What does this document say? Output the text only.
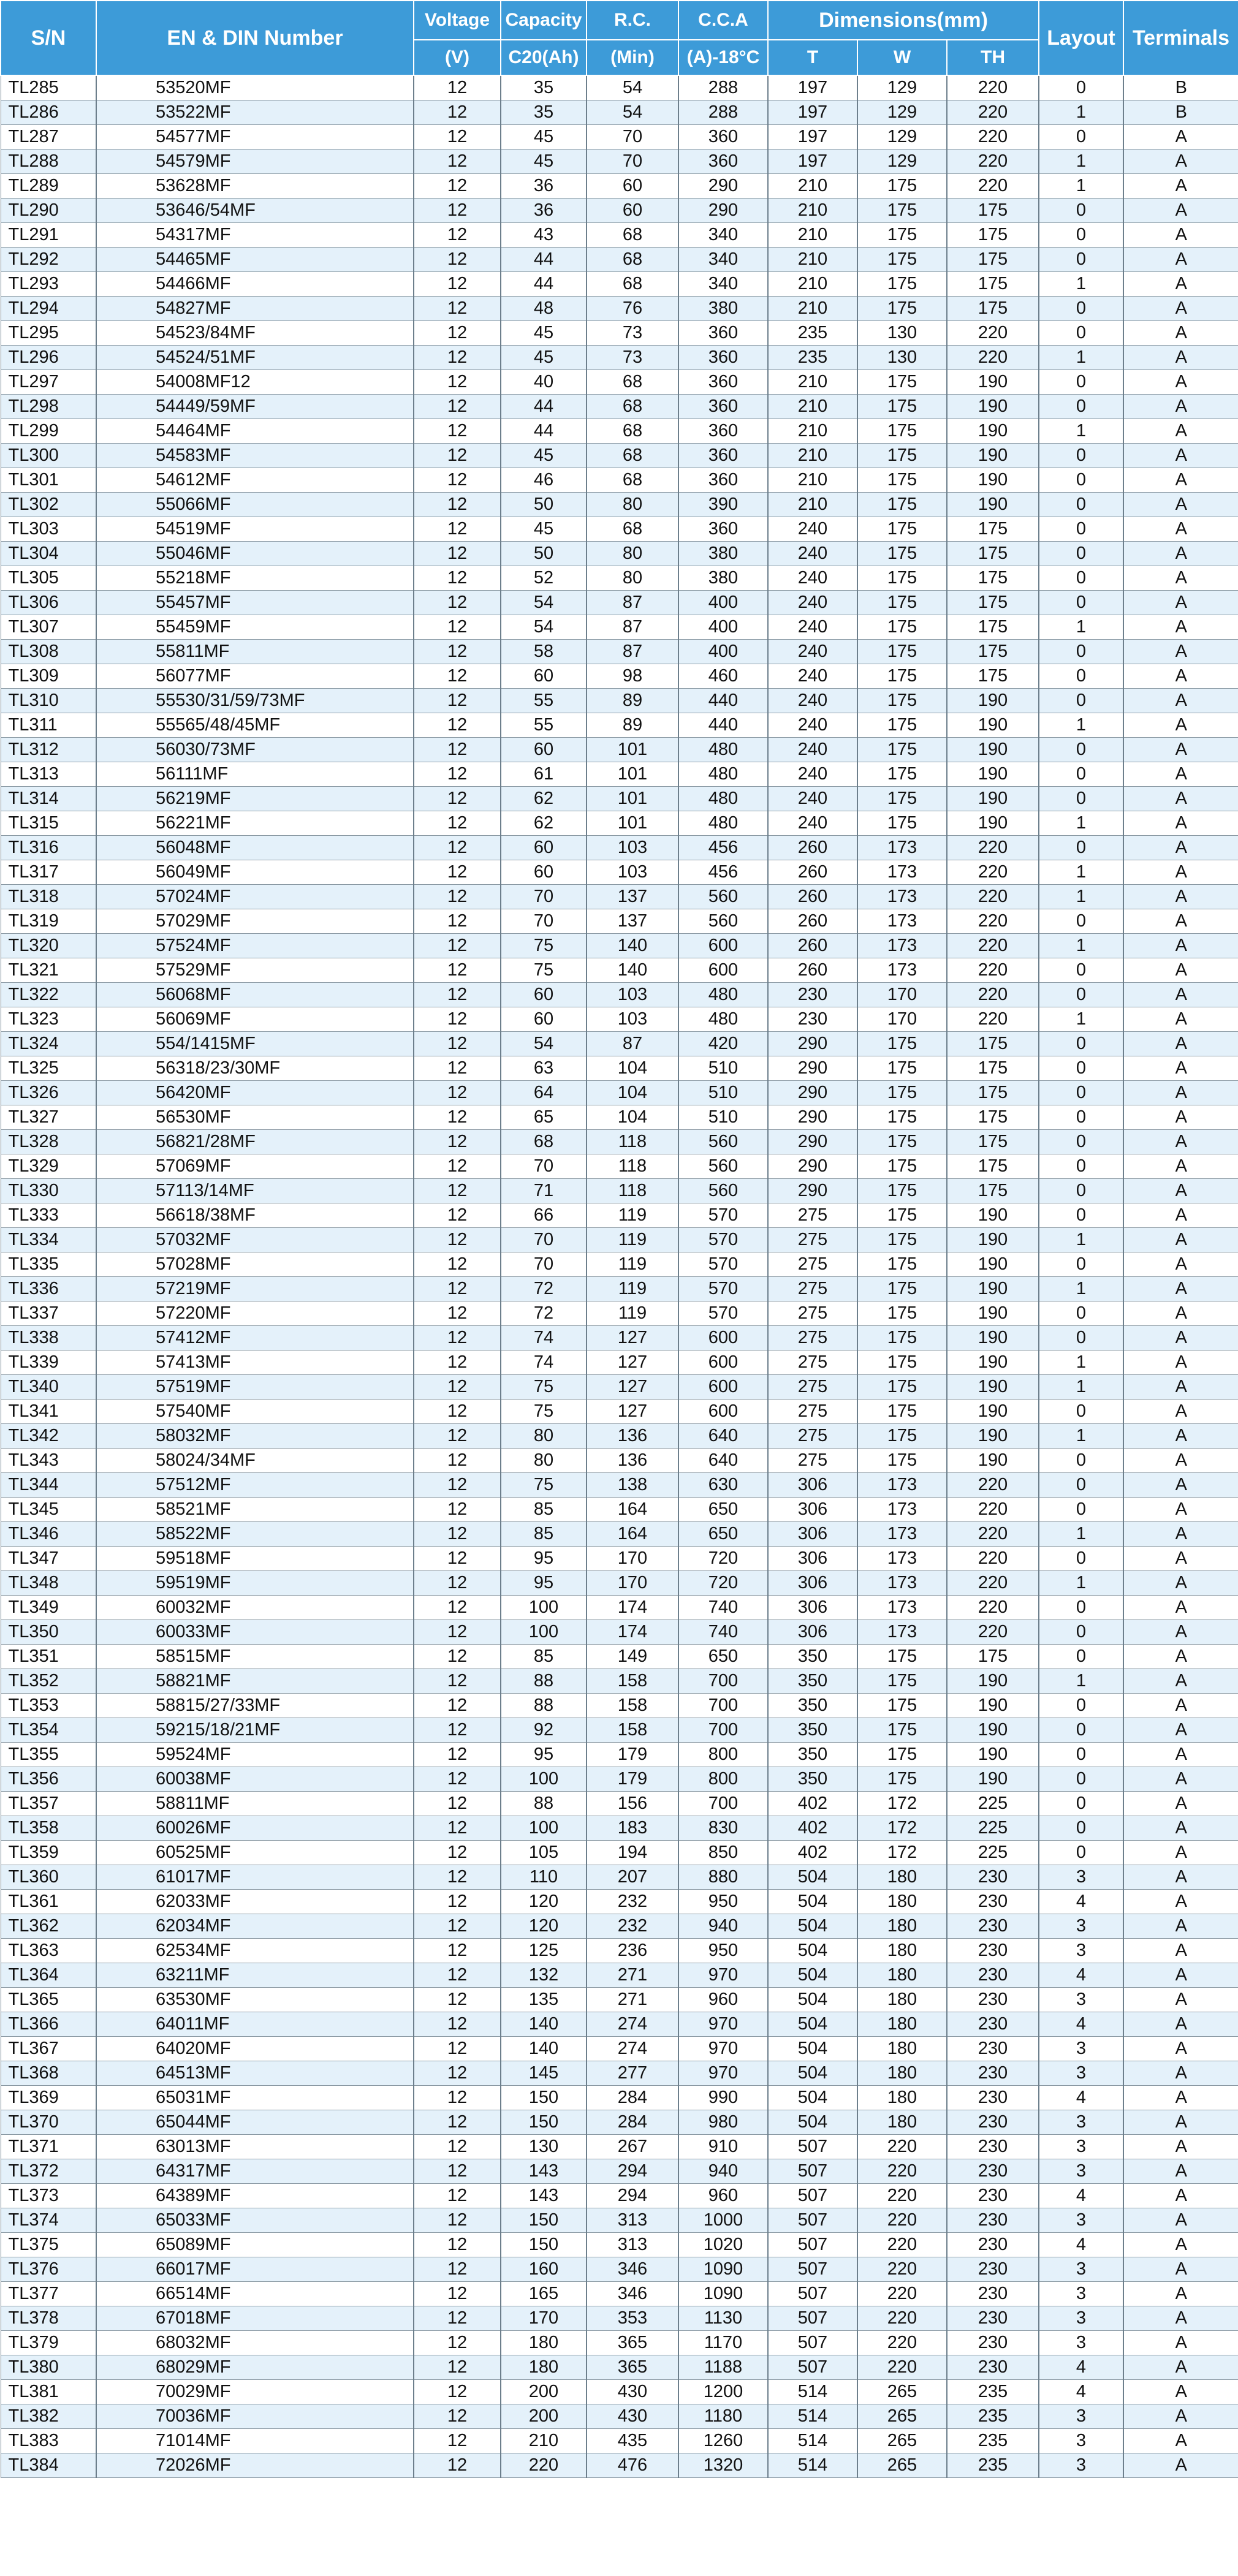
S/N	EN & DIN Number	Voltage	Capacity	R.C.	C.C.A	Dimensions(mm)			Layout	Terminals
		(V)	C20(Ah)	(Min)	(A)-18°C	T	W	TH		
TL285	53520MF	12	35	54	288	197	129	220	0	B
TL286	53522MF	12	35	54	288	197	129	220	1	B
TL287	54577MF	12	45	70	360	197	129	220	0	A
TL288	54579MF	12	45	70	360	197	129	220	1	A
TL289	53628MF	12	36	60	290	210	175	220	1	A
TL290	53646/54MF	12	36	60	290	210	175	175	0	A
TL291	54317MF	12	43	68	340	210	175	175	0	A
TL292	54465MF	12	44	68	340	210	175	175	0	A
TL293	54466MF	12	44	68	340	210	175	175	1	A
TL294	54827MF	12	48	76	380	210	175	175	0	A
TL295	54523/84MF	12	45	73	360	235	130	220	0	A
TL296	54524/51MF	12	45	73	360	235	130	220	1	A
TL297	54008MF12	12	40	68	360	210	175	190	0	A
TL298	54449/59MF	12	44	68	360	210	175	190	0	A
TL299	54464MF	12	44	68	360	210	175	190	1	A
TL300	54583MF	12	45	68	360	210	175	190	0	A
TL301	54612MF	12	46	68	360	210	175	190	0	A
TL302	55066MF	12	50	80	390	210	175	190	0	A
TL303	54519MF	12	45	68	360	240	175	175	0	A
TL304	55046MF	12	50	80	380	240	175	175	0	A
TL305	55218MF	12	52	80	380	240	175	175	0	A
TL306	55457MF	12	54	87	400	240	175	175	0	A
TL307	55459MF	12	54	87	400	240	175	175	1	A
TL308	55811MF	12	58	87	400	240	175	175	0	A
TL309	56077MF	12	60	98	460	240	175	175	0	A
TL310	55530/31/59/73MF	12	55	89	440	240	175	190	0	A
TL311	55565/48/45MF	12	55	89	440	240	175	190	1	A
TL312	56030/73MF	12	60	101	480	240	175	190	0	A
TL313	56111MF	12	61	101	480	240	175	190	0	A
TL314	56219MF	12	62	101	480	240	175	190	0	A
TL315	56221MF	12	62	101	480	240	175	190	1	A
TL316	56048MF	12	60	103	456	260	173	220	0	A
TL317	56049MF	12	60	103	456	260	173	220	1	A
TL318	57024MF	12	70	137	560	260	173	220	1	A
TL319	57029MF	12	70	137	560	260	173	220	0	A
TL320	57524MF	12	75	140	600	260	173	220	1	A
TL321	57529MF	12	75	140	600	260	173	220	0	A
TL322	56068MF	12	60	103	480	230	170	220	0	A
TL323	56069MF	12	60	103	480	230	170	220	1	A
TL324	554/1415MF	12	54	87	420	290	175	175	0	A
TL325	56318/23/30MF	12	63	104	510	290	175	175	0	A
TL326	56420MF	12	64	104	510	290	175	175	0	A
TL327	56530MF	12	65	104	510	290	175	175	0	A
TL328	56821/28MF	12	68	118	560	290	175	175	0	A
TL329	57069MF	12	70	118	560	290	175	175	0	A
TL330	57113/14MF	12	71	118	560	290	175	175	0	A
TL333	56618/38MF	12	66	119	570	275	175	190	0	A
TL334	57032MF	12	70	119	570	275	175	190	1	A
TL335	57028MF	12	70	119	570	275	175	190	0	A
TL336	57219MF	12	72	119	570	275	175	190	1	A
TL337	57220MF	12	72	119	570	275	175	190	0	A
TL338	57412MF	12	74	127	600	275	175	190	0	A
TL339	57413MF	12	74	127	600	275	175	190	1	A
TL340	57519MF	12	75	127	600	275	175	190	1	A
TL341	57540MF	12	75	127	600	275	175	190	0	A
TL342	58032MF	12	80	136	640	275	175	190	1	A
TL343	58024/34MF	12	80	136	640	275	175	190	0	A
TL344	57512MF	12	75	138	630	306	173	220	0	A
TL345	58521MF	12	85	164	650	306	173	220	0	A
TL346	58522MF	12	85	164	650	306	173	220	1	A
TL347	59518MF	12	95	170	720	306	173	220	0	A
TL348	59519MF	12	95	170	720	306	173	220	1	A
TL349	60032MF	12	100	174	740	306	173	220	0	A
TL350	60033MF	12	100	174	740	306	173	220	0	A
TL351	58515MF	12	85	149	650	350	175	175	0	A
TL352	58821MF	12	88	158	700	350	175	190	1	A
TL353	58815/27/33MF	12	88	158	700	350	175	190	0	A
TL354	59215/18/21MF	12	92	158	700	350	175	190	0	A
TL355	59524MF	12	95	179	800	350	175	190	0	A
TL356	60038MF	12	100	179	800	350	175	190	0	A
TL357	58811MF	12	88	156	700	402	172	225	0	A
TL358	60026MF	12	100	183	830	402	172	225	0	A
TL359	60525MF	12	105	194	850	402	172	225	0	A
TL360	61017MF	12	110	207	880	504	180	230	3	A
TL361	62033MF	12	120	232	950	504	180	230	4	A
TL362	62034MF	12	120	232	940	504	180	230	3	A
TL363	62534MF	12	125	236	950	504	180	230	3	A
TL364	63211MF	12	132	271	970	504	180	230	4	A
TL365	63530MF	12	135	271	960	504	180	230	3	A
TL366	64011MF	12	140	274	970	504	180	230	4	A
TL367	64020MF	12	140	274	970	504	180	230	3	A
TL368	64513MF	12	145	277	970	504	180	230	3	A
TL369	65031MF	12	150	284	990	504	180	230	4	A
TL370	65044MF	12	150	284	980	504	180	230	3	A
TL371	63013MF	12	130	267	910	507	220	230	3	A
TL372	64317MF	12	143	294	940	507	220	230	3	A
TL373	64389MF	12	143	294	960	507	220	230	4	A
TL374	65033MF	12	150	313	1000	507	220	230	3	A
TL375	65089MF	12	150	313	1020	507	220	230	4	A
TL376	66017MF	12	160	346	1090	507	220	230	3	A
TL377	66514MF	12	165	346	1090	507	220	230	3	A
TL378	67018MF	12	170	353	1130	507	220	230	3	A
TL379	68032MF	12	180	365	1170	507	220	230	3	A
TL380	68029MF	12	180	365	1188	507	220	230	4	A
TL381	70029MF	12	200	430	1200	514	265	235	4	A
TL382	70036MF	12	200	430	1180	514	265	235	3	A
TL383	71014MF	12	210	435	1260	514	265	235	3	A
TL384	72026MF	12	220	476	1320	514	265	235	3	A
